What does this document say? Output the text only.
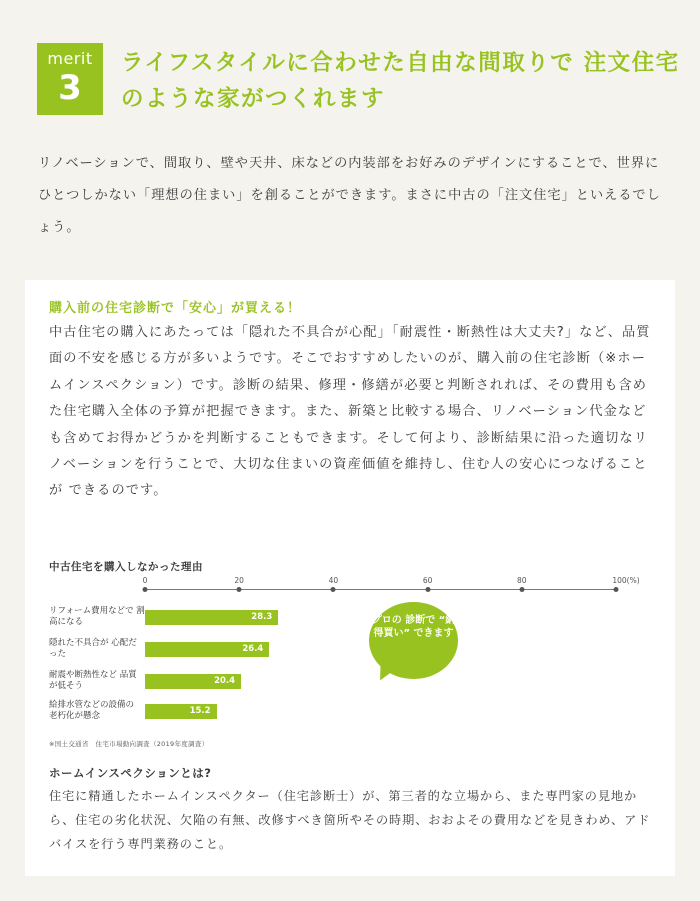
merit
3
ライフスタイルに合わせた自由な間取りで 注文住宅のような家がつくれます

リノベーションで、間取り、壁や天井、床などの内装部をお好みのデザインにすることで、世界にひとつしかない「理想の住まい」を創ることができます。まさに中古の「注文住宅」といえるでしょう。

購入前の住宅診断で「安心」が買える！

中古住宅の購入にあたっては「隠れた不具合が心配」「耐震性・断熱性は大丈夫?」など、品質面の不安を感じる方が多いようです。そこでおすすめしたいのが、購入前の住宅診断（※ホームインスペクション）です。診断の結果、修理・修繕が必要と判断されれば、その費用も含めた住宅購入全体の予算が把握できます。また、新築と比較する場合、リノベーション代金なども含めてお得かどうかを判断することもできます。そして何より、診断結果に沿った適切なリノベーションを行うことで、大切な住まいの資産価値を維持し、住む人の安心につなげることが できるのです。

中古住宅を購入しなかった理由
0	20	40	60	80	100(%)
リフォーム費用などで 割高になる	28.3
隠れた不具合が 心配だった	26.4
耐震や断熱性など 品質が低そう	20.4
給排水管などの設備の 老朽化が懸念	15.2
プロの 診断で “納得買い” できます
※国土交通省　住宅市場動向調査（2019年度調査）
ホームインスペクションとは?

住宅に精通したホームインスペクター（住宅診断士）が、第三者的な立場から、また専門家の見地から、住宅の劣化状況、欠陥の有無、改修すべき箇所やその時期、おおよその費用などを見きわめ、アドバイスを行う専門業務のこと。
